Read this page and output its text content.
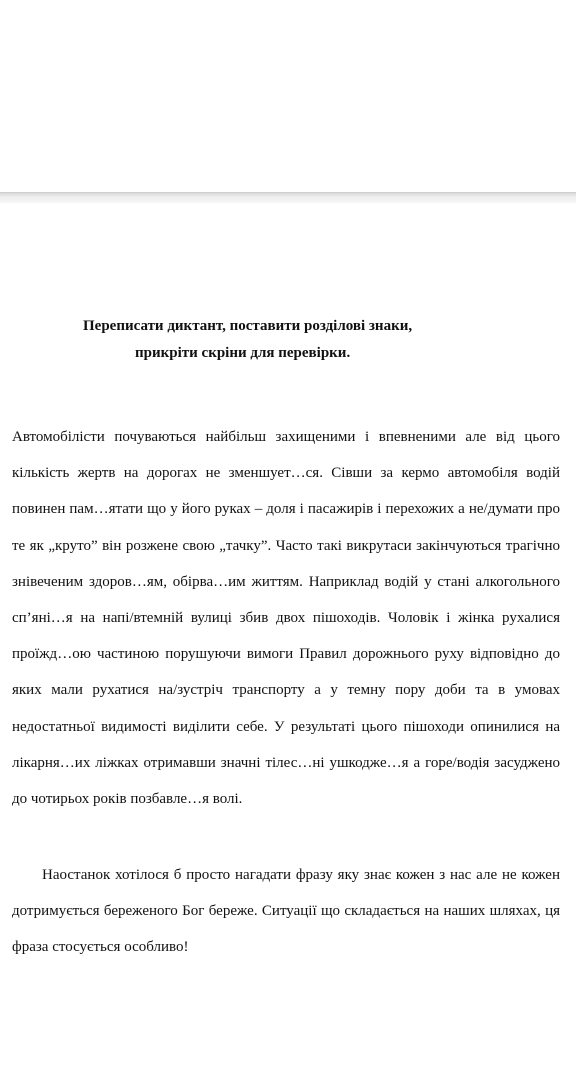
Переписати диктант, поставити розділові знаки,
прикріти скріни для перевірки.

Автомобілісти почуваються найбільш захищеними і впевненими але від цього кількість жертв на дорогах не зменшует…ся. Сівши за кермо автомобіля водій повинен пам…ятати що у його руках – доля і пасажирів і перехожих а не/думати про те як „круто” він розжене свою „тачку”. Часто такі викрутаси закінчуються трагічно знівеченим здоров…ям, обірва…им життям. Наприклад водій у стані алкогольного сп’яні…я на напі/втемній вулиці збив двох пішоходів. Чоловік і жінка рухалися проїжд…ою частиною порушуючи вимоги Правил дорожнього руху відповідно до яких мали рухатися на/зустріч транспорту а у темну пору доби та в умовах недостатньої видимості виділити себе. У результаті цього пішоходи опинилися на лікарня…их ліжках отримавши значні тілес…ні ушкодже…я а горе/водія засуджено до чотирьох років позбавле…я волі.

Наостанок хотілося б просто нагадати фразу яку знає кожен з нас але не кожен дотримується береженого Бог береже. Ситуації що складається на наших шляхах, ця фраза стосується особливо!
